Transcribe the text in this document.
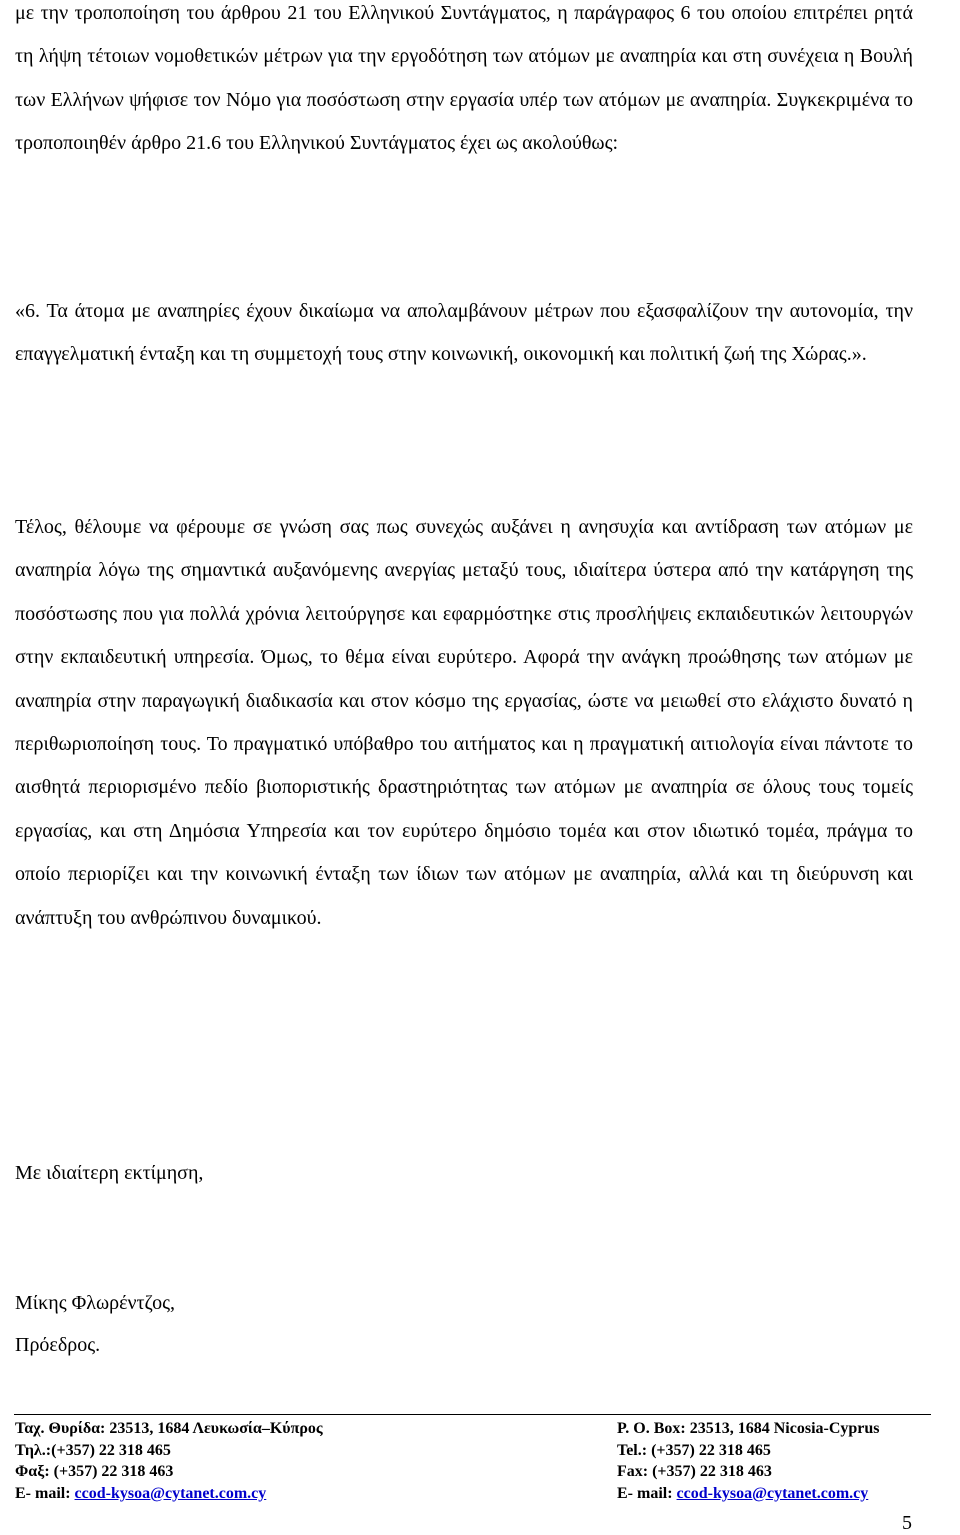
με την τροποποίηση του άρθρου 21 του Ελληνικού Συντάγματος, η παράγραφος 6 του οποίου επιτρέπει ρητά τη λήψη τέτοιων νομοθετικών μέτρων για την εργοδότηση των ατόμων με αναπηρία και στη συνέχεια η Βουλή των Ελλήνων ψήφισε τον Νόμο για ποσόστωση στην εργασία υπέρ των ατόμων με αναπηρία. Συγκεκριμένα το τροποποιηθέν άρθρο 21.6 του Ελληνικού Συντάγματος έχει ως ακολούθως:

«6. Τα άτομα με αναπηρίες έχουν δικαίωμα να απολαμβάνουν μέτρων που εξασφαλίζουν την αυτονομία, την επαγγελματική ένταξη και τη συμμετοχή τους στην κοινωνική, οικονομική και πολιτική ζωή της Χώρας.».

Τέλος, θέλουμε να φέρουμε σε γνώση σας πως συνεχώς αυξάνει η ανησυχία και αντίδραση των ατόμων με αναπηρία λόγω της σημαντικά αυξανόμενης ανεργίας μεταξύ τους, ιδιαίτερα ύστερα από την κατάργηση της ποσόστωσης που για πολλά χρόνια λειτούργησε και εφαρμόστηκε στις προσλήψεις εκπαιδευτικών λειτουργών στην εκπαιδευτική υπηρεσία. Όμως, το θέμα είναι ευρύτερο. Αφορά την ανάγκη προώθησης των ατόμων με αναπηρία στην παραγωγική διαδικασία και στον κόσμο της εργασίας, ώστε να μειωθεί στο ελάχιστο δυνατό η περιθωριοποίηση τους. Το πραγματικό υπόβαθρο του αιτήματος και η πραγματική αιτιολογία είναι πάντοτε το αισθητά περιορισμένο πεδίο βιοποριστικής δραστηριότητας των ατόμων με αναπηρία σε όλους τους τομείς εργασίας, και στη Δημόσια Υπηρεσία και τον ευρύτερο δημόσιο τομέα και στον ιδιωτικό τομέα, πράγμα το οποίο περιορίζει και την κοινωνική ένταξη των ίδιων των ατόμων με αναπηρία, αλλά και τη διεύρυνση και ανάπτυξη του ανθρώπινου δυναμικού.

Με ιδιαίτερη εκτίμηση,

Μίκης Φλωρέντζος,

Πρόεδρος.

Ταχ. Θυρίδα: 23513, 1684 Λευκωσία–Κύπρος
Τηλ.:(+357) 22 318 465
Φαξ: (+357) 22 318 463
E- mail: ccod-kysoa@cytanet.com.cy
P. O. Box: 23513, 1684 Nicosia-Cyprus
Tel.: (+357) 22 318 465
Fax: (+357) 22 318 463
E- mail: ccod-kysoa@cytanet.com.cy
5
